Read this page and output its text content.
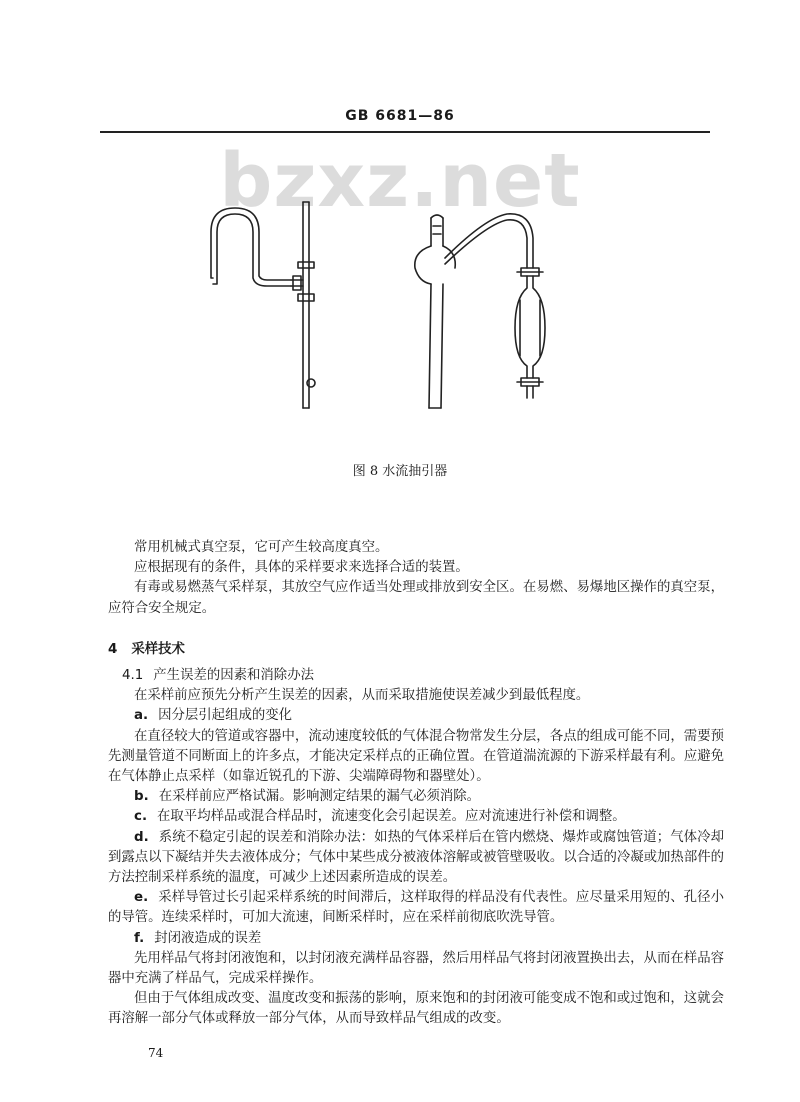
GB 6681—86
bzxz.net
图 8 水流抽引器

常用机械式真空泵，它可产生较高度真空。

应根据现有的条件，具体的采样要求来选择合适的装置。

有毒或易燃蒸气采样泵，其放空气应作适当处理或排放到安全区。在易燃、易爆地区操作的真空泵，应符合安全规定。

4 采样技术

4.1 产生误差的因素和消除办法

在采样前应预先分析产生误差的因素，从而采取措施使误差减少到最低程度。

a. 因分层引起组成的变化

在直径较大的管道或容器中，流动速度较低的气体混合物常发生分层，各点的组成可能不同，需要预先测量管道不同断面上的许多点，才能决定采样点的正确位置。在管道湍流源的下游采样最有利。应避免在气体静止点采样（如靠近锐孔的下游、尖端障碍物和器壁处）。

b. 在采样前应严格试漏。影响测定结果的漏气必须消除。

c. 在取平均样品或混合样品时，流速变化会引起误差。应对流速进行补偿和调整。

d. 系统不稳定引起的误差和消除办法：如热的气体采样后在管内燃烧、爆炸或腐蚀管道；气体冷却到露点以下凝结并失去液体成分；气体中某些成分被液体溶解或被管壁吸收。以合适的冷凝或加热部件的方法控制采样系统的温度，可减少上述因素所造成的误差。

e. 采样导管过长引起采样系统的时间滞后，这样取得的样品没有代表性。应尽量采用短的、孔径小的导管。连续采样时，可加大流速，间断采样时，应在采样前彻底吹洗导管。

f. 封闭液造成的误差

先用样品气将封闭液饱和，以封闭液充满样品容器，然后用样品气将封闭液置换出去，从而在样品容器中充满了样品气，完成采样操作。

但由于气体组成改变、温度改变和振荡的影响，原来饱和的封闭液可能变成不饱和或过饱和，这就会再溶解一部分气体或释放一部分气体，从而导致样品气组成的改变。

74
